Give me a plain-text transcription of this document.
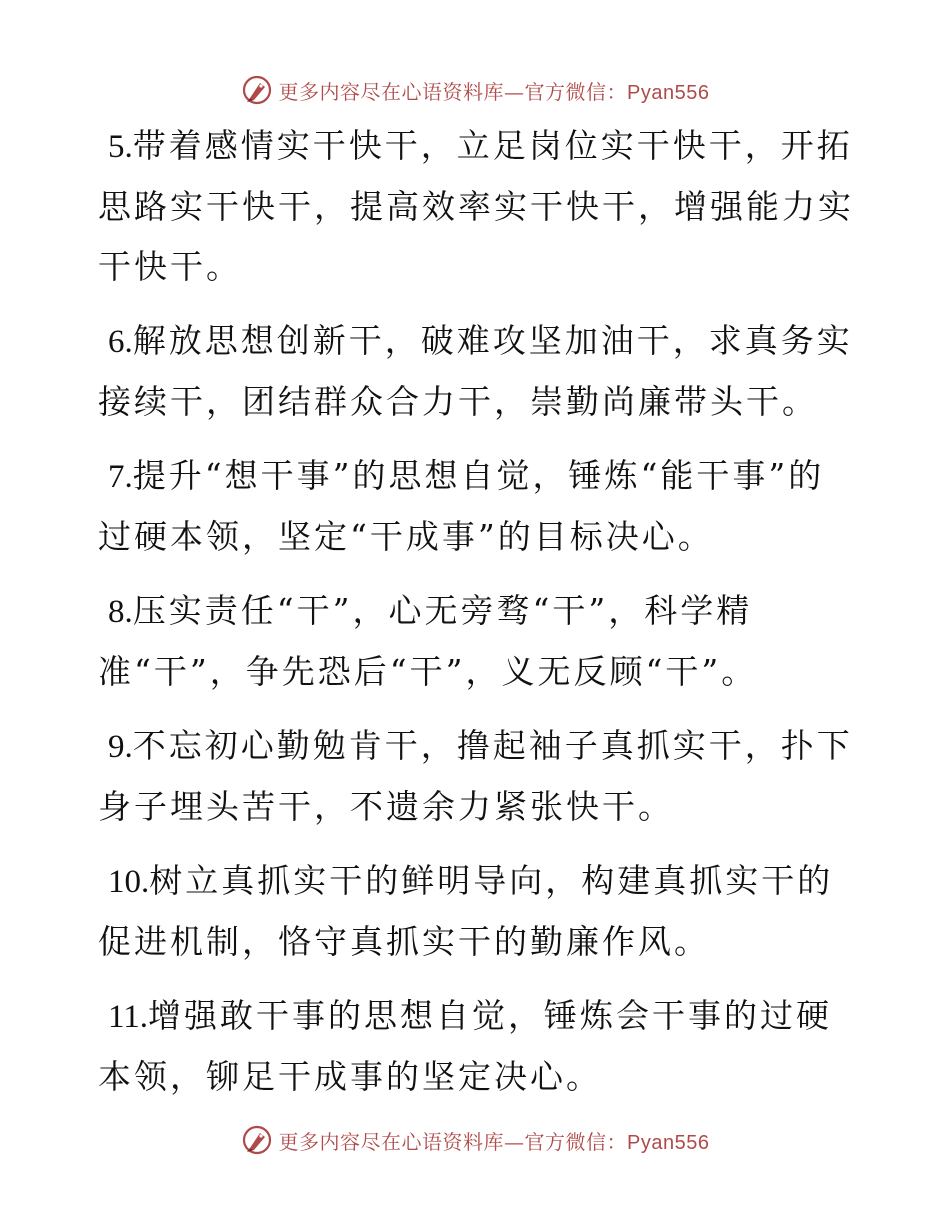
更多内容尽在心语资料库—官方微信：Pyan556

5.带着感情实干快干，立足岗位实干快干，开拓思路实干快干，提高效率实干快干，增强能力实干快干。

6.解放思想创新干，破难攻坚加油干，求真务实接续干，团结群众合力干，崇勤尚廉带头干。

7.提升“想干事”的思想自觉，锤炼“能干事”的过硬本领，坚定“干成事”的目标决心。

8.压实责任“干”，心无旁骛“干”，科学精准“干”，争先恐后“干”，义无反顾“干”。

9.不忘初心勤勉肯干，撸起袖子真抓实干，扑下身子埋头苦干，不遗余力紧张快干。

10.树立真抓实干的鲜明导向，构建真抓实干的促进机制，恪守真抓实干的勤廉作风。

11.增强敢干事的思想自觉，锤炼会干事的过硬本领，铆足干成事的坚定决心。

更多内容尽在心语资料库—官方微信：Pyan556
